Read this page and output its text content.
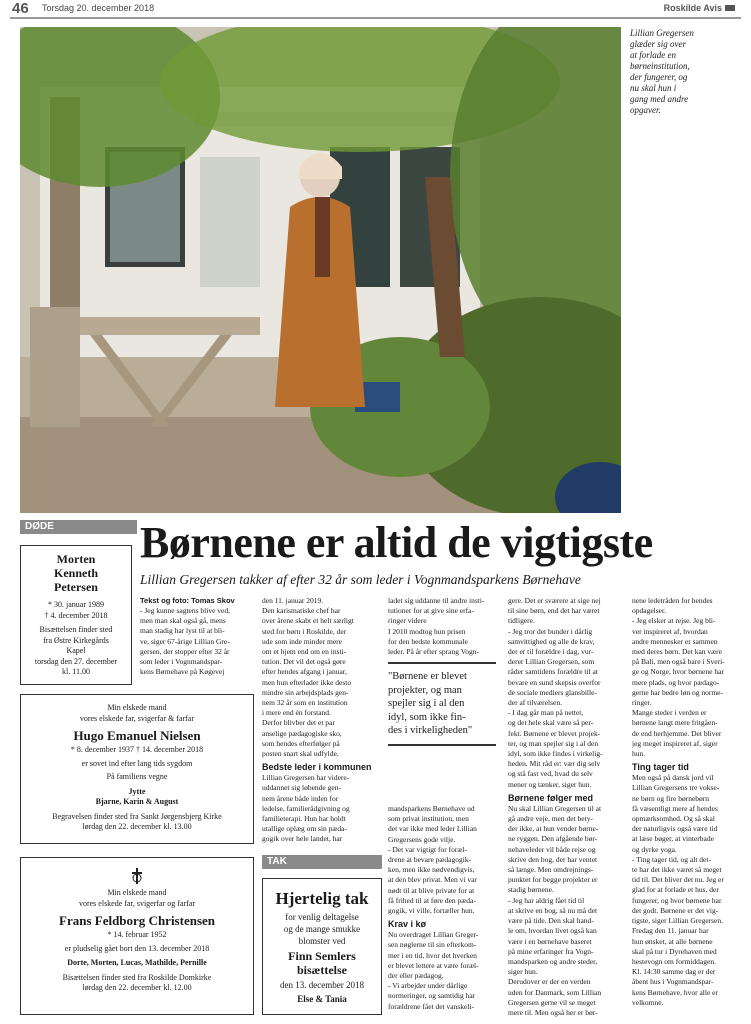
46 Torsdag 20. december 2018	Roskilde Avis
Lillian Gregersen
glæder sig over
at forlade en
børneinstitution,
der fungerer, og
nu skal hun i
gang med andre
opgaver.
DØDE
Morten
Kenneth
Petersen
* 30. januar 1989
† 4. december 2018
Bisættelsen finder sted
fra Østre Kirkegårds
Kapel
torsdag den 27. december
kl. 11.00
Min elskede mand
vores elskede far, svigerfar & farfar
Hugo Emanuel Nielsen
* 8. december 1937 † 14. december 2018
er sovet ind efter lang tids sygdom
På familiens vegne
Jytte
Bjarne, Karin & August
Begravelsen finder sted fra Sankt Jørgensbjerg Kirke
lørdag den 22. december kl. 13.00
Min elskede mand
vores elskede far, svigerfar og farfar
Frans Feldborg Christensen
* 14. februar 1952
er pludselig gået bort den 13. december 2018
Dorte, Morten, Lucas, Mathilde, Pernille
Bisættelsen finder sted fra Roskilde Domkirke
lørdag den 22. december kl. 12.00
TAK
Hjertelig tak
for venlig deltagelse
og de mange smukke
blomster ved
Finn Semlers
bisættelse
den 13. december 2018
Else & Tania
Børnene er altid de vigtigste
Lillian Gregersen takker af efter 32 år som leder i Vognmandsparkens Børnehave
Tekst og foto: Tomas Skov
- Jeg kunne sagtens blive ved,
men man skal også gå, mens
man stadig har lyst til at bli-
ve, siger 67-årige Lillian Gre-
gersen, der stopper efter 32 år
som leder i Vognmandspar-
kens Børnehave på Køgevej
den 11. januar 2019.
Den karismatiske chef har
over årene skabt et helt særligt
sted for børn i Roskilde, der
ude som inde minder mere
om et hjem end om en insti-
tution. Det vil det også gøre
efter hendes afgang i januar,
men hun efterlader ikke desto
mindre sin arbejdsplads gen-
nem 32 år som en institution
i mere end én forstand.
Derfor blivber det et par
anselige pædagogiske sko,
som hendes efterfølger på
posten snart skal udfylde.
Bedste leder i kommunen
Lillian Gregersen har videre-
uddannet sig løbende gen-
nem årene både inden for
ledelse, familierådgivning og
familieterapi. Hun har holdt
utallige oplæg om sin pæda-
gogik over hele landet, har
ladet sig uddanne til andre insti-
tutioner for at give sine erfa-
ringer videre
I 2010 modtog hun prisen
for den bedste kommunale
leder. På år efter sprang Vogn-
"Børnene er blevet
projekter, og man
spejler sig i al den
idyl, som ikke fin-
des i virkeligheden"
mandsparkens Børnehave ud
som privat institution, men
det var ikke med leder Lillian
Gregersens gode vilje.
- Det var vigtigt for foræl-
drene at bevare pædagogik-
ken, men ikke nødvendigvis,
at den blev privat. Men vi var
nødt til at blive private for at
få frihed til at føre den pæda-
gogik, vi ville, fortæller hun.
Krav i kø
Nu overdrager Lillian Greger-
sen nøglerne til sin efterkom-
mer i en tid, hvor det hverken
er blevet lettere at være foræl-
der eller pædagog.
- Vi arbejder under dårlige
normeringer, og samtidig har
forældrene fået det vanskeli-
gere. Det er sværere at sige nej
til sine børn, end det har været
tidligere.
- Jeg tror det bunder i dårlig
samvittighed og alle de krav,
der er til forældre i dag, vur-
derer Lillian Gregersen, som
råder samtidens forældre til at
bevare en sund skepsis overfor
de sociale mediers glansbille-
der af tilværelsen.
- I dag går man på nettet,
og det hele skal være så per-
fekt. Børnene er blevet projek-
ter, og man spejler sig i al den
idyl, som ikke findes i virkelig-
heden. Mit råd er: vær dig selv
og stå fast ved, hvad du selv
mener og tænker, siger hun.
Børnene følger med
Nu skal Lillian Gregersen til at
gå andre veje, men det bety-
der ikke, at hun vender børne-
ne ryggen. Den afgående bør-
nehaveleder vil både rejse og
skrive den bog, der har ventet
så længe. Men omdrejnings-
punktet for begge projekter er
stadig børnene.
- Jeg har aldrig fået tid til
at skrive en bog, så nu må det
være på tide. Den skal hand-
le om, hvordan livet også kan
være i en børnehave baseret
på mine erfaringer fra Vogn-
mandsparken og andre steder,
siger hun.
Derudover er der en verden
uden for Danmark, som Lillian
Gregersen gerne vil se meget
mere til. Men også her er bør-
nene ledetråden for hendes
opdagelser.
- Jeg elsker at rejse. Jeg bli-
ver inspireret af, hvordan
andre mennesker er sammen
med deres børn. Det kan være
på Bali, men også bare i Sveri-
ge og Norge, hvor børnene har
mere plads, og hvor pædago-
gerne har bedre løn og norme-
ringer.
Mange steder i verden er
børnene langt mere fritgåen-
de end herhjemme. Det bliver
jeg meget inspireret af, siger
hun.
Ting tager tid
Men også på dansk jord vil
Lillian Gregersens tre vokse-
ne børn og fire børnebørn
få væsentligt mere af hendes
opmærksomhed. Og så skal
der naturligvis også være tid
at læse bøger, at vinterbade
og dyrke yoga.
- Ting tager tid, og alt det-
te har det ikke været så meget
tid til. Det bliver det nu. Jeg er
glad for at forlade et hus, der
fungerer, og hvor børnene har
det godt. Børnene er det vig-
tigste, siger Lillian Gregersen.
Fredag den 11. januar har
hun ønsket, at alle børnene
skal på tur i Dyrehaven med
hestevogn om formiddagen.
Kl. 14:30 samme dag er der
åbent hus i Vognmandspar-
kens Børnehave, hvor alle er
velkomne.
